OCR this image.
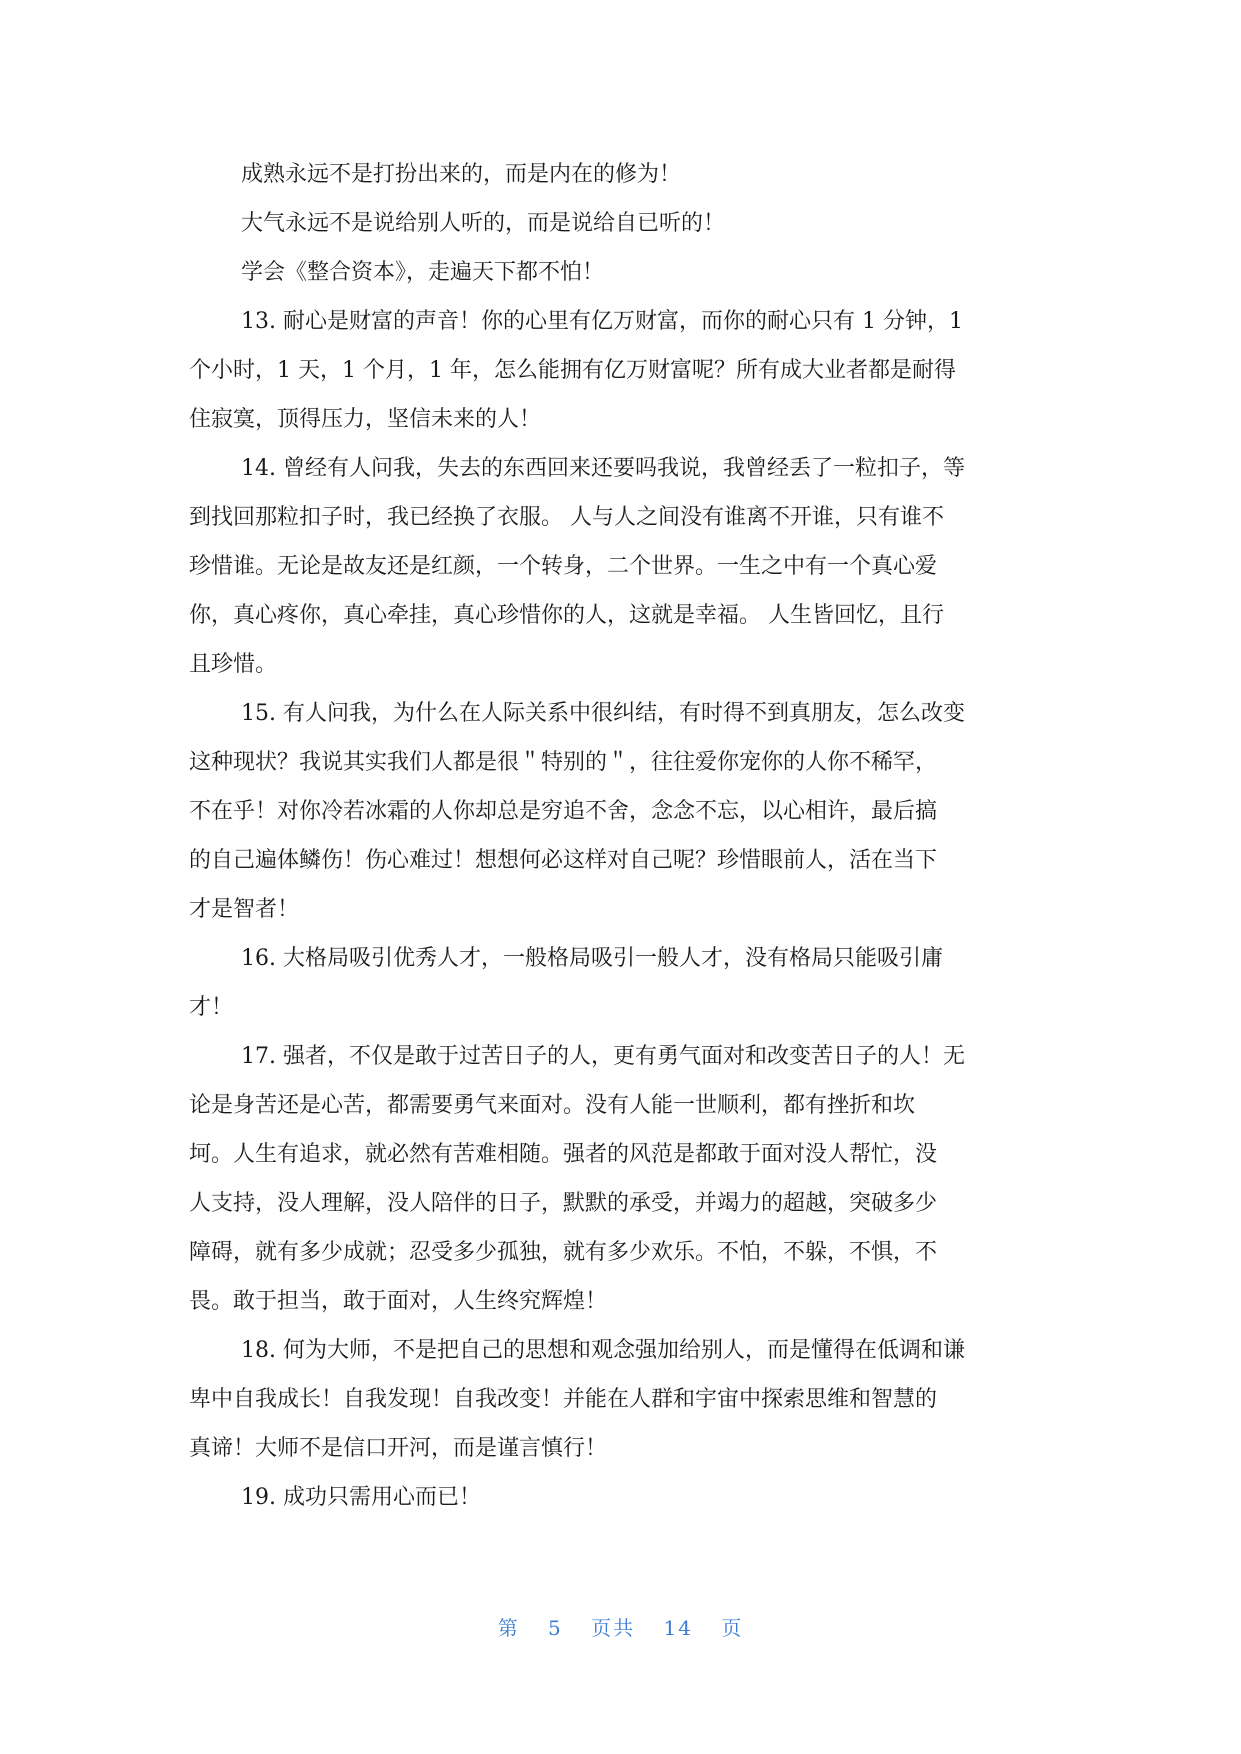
成熟永远不是打扮出来的，而是内在的修为！

大气永远不是说给别人听的，而是说给自已听的！

学会《整合资本》，走遍天下都不怕！

13. 耐心是财富的声音！你的心里有亿万财富，而你的耐心只有 1 分钟，1
个小时，1 天，1 个月，1 年，怎么能拥有亿万财富呢？所有成大业者都是耐得
住寂寞，顶得压力，坚信未来的人！
14. 曾经有人问我，失去的东西回来还要吗我说，我曾经丢了一粒扣子，等
到找回那粒扣子时，我已经换了衣服。 人与人之间没有谁离不开谁，只有谁不
珍惜谁。无论是故友还是红颜，一个转身，二个世界。一生之中有一个真心爱
你，真心疼你，真心牵挂，真心珍惜你的人，这就是幸福。 人生皆回忆，且行
且珍惜。
15. 有人问我，为什么在人际关系中很纠结，有时得不到真朋友，怎么改变
这种现状？我说其实我们人都是很＂特别的＂，往往爱你宠你的人你不稀罕，
不在乎！对你冷若冰霜的人你却总是穷追不舍，念念不忘，以心相许，最后搞
的自己遍体鳞伤！伤心难过！想想何必这样对自己呢？珍惜眼前人，活在当下
才是智者！
16. 大格局吸引优秀人才，一般格局吸引一般人才，没有格局只能吸引庸
才！
17. 强者，不仅是敢于过苦日子的人，更有勇气面对和改变苦日子的人！无
论是身苦还是心苦，都需要勇气来面对。没有人能一世顺利，都有挫折和坎
坷。人生有追求，就必然有苦难相随。强者的风范是都敢于面对没人帮忙，没
人支持，没人理解，没人陪伴的日子，默默的承受，并竭力的超越，突破多少
障碍，就有多少成就；忍受多少孤独，就有多少欢乐。不怕，不躲，不惧，不
畏。敢于担当，敢于面对，人生终究辉煌！
18. 何为大师，不是把自己的思想和观念强加给别人，而是懂得在低调和谦
卑中自我成长！自我发现！自我改变！并能在人群和宇宙中探索思维和智慧的
真谛！大师不是信口开河，而是谨言慎行！
19. 成功只需用心而已！
第 5 页共 14 页
